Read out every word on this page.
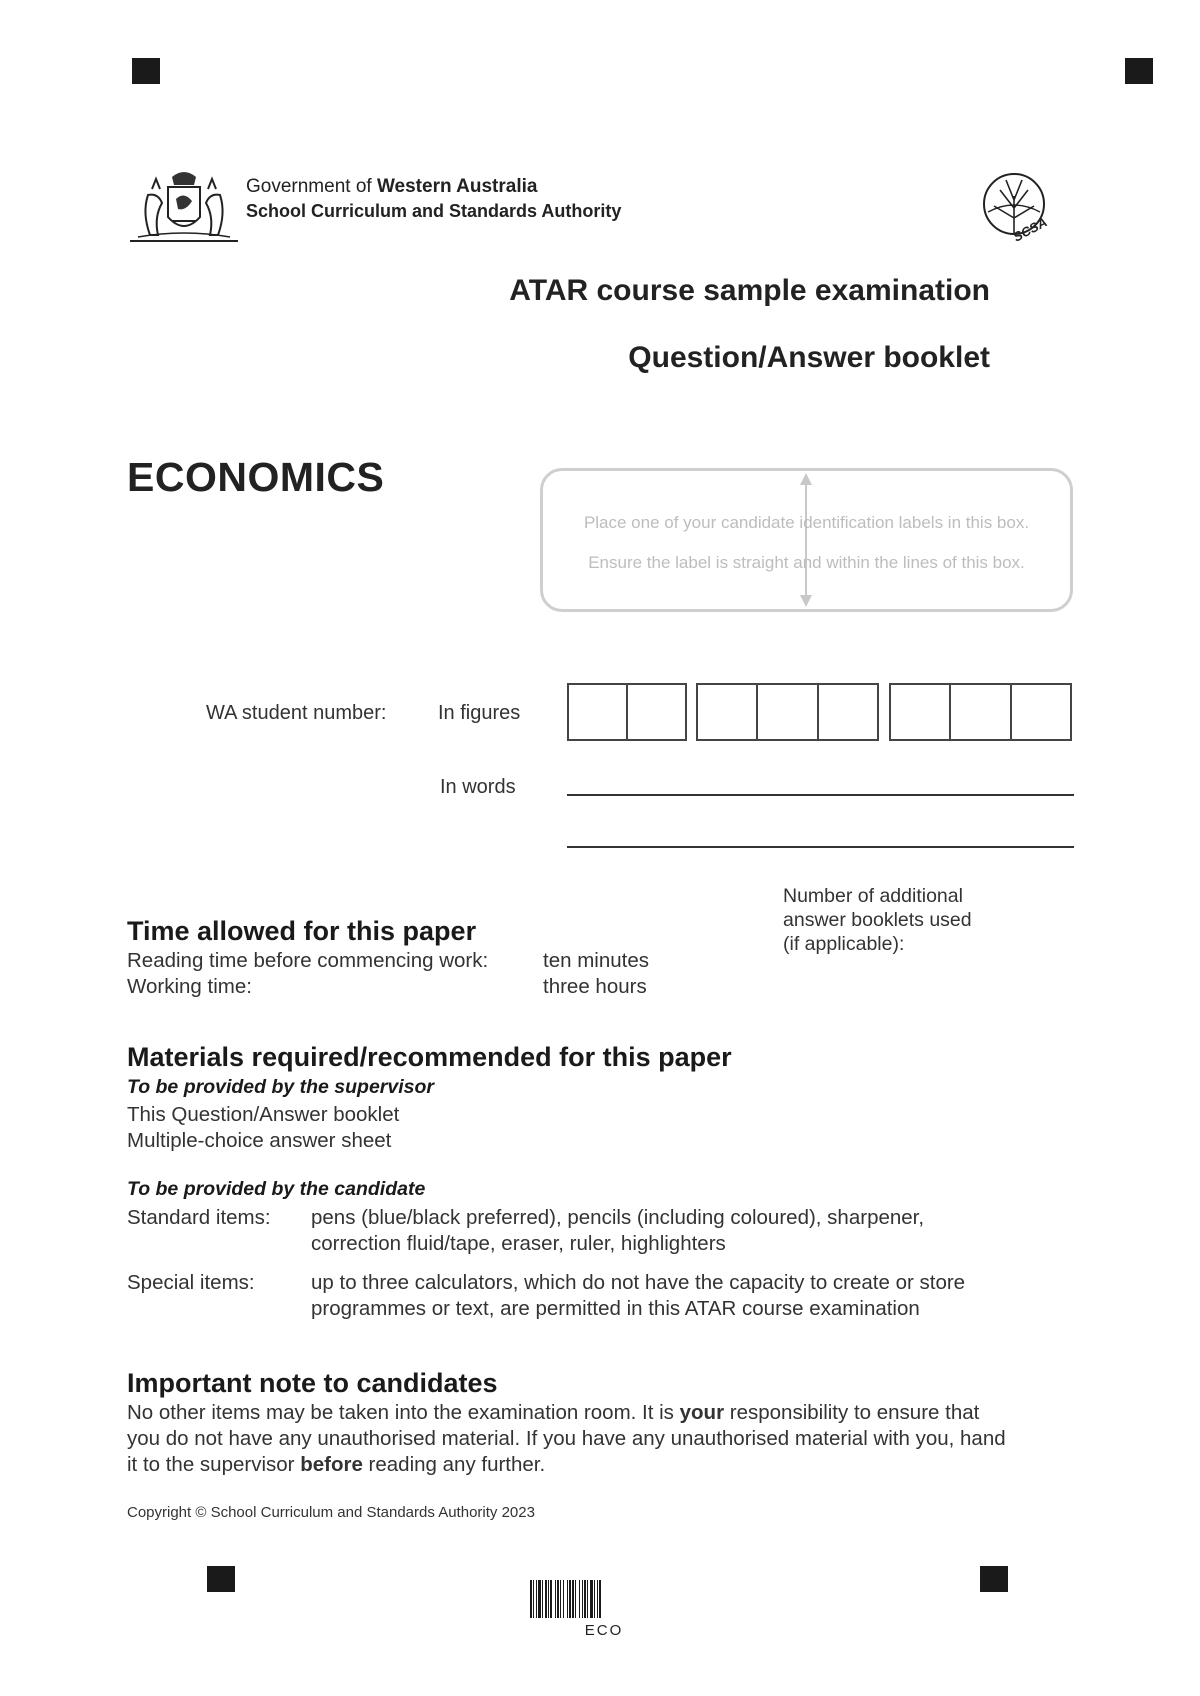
Government of Western Australia
School Curriculum and Standards Authority
SCSA
ATAR course sample examination
Question/Answer booklet
ECONOMICS
Place one of your candidate identification labels in this box.
Ensure the label is straight and within the lines of this box.
WA student number:	In figures
In words
Number of additional
answer booklets used
(if applicable):
Time allowed for this paper
Reading time before commencing work:	ten minutes
Working time:	three hours
Materials required/recommended for this paper
To be provided by the supervisor
This Question/Answer booklet
Multiple-choice answer sheet
To be provided by the candidate
Standard items: pens (blue/black preferred), pencils (including coloured), sharpener,
correction fluid/tape, eraser, ruler, highlighters
Special items:	up to three calculators, which do not have the capacity to create or store
programmes or text, are permitted in this ATAR course examination
Important note to candidates
No other items may be taken into the examination room. It is your responsibility to ensure that
you do not have any unauthorised material. If you have any unauthorised material with you, hand
it to the supervisor before reading any further.
Copyright © School Curriculum and Standards Authority 2023
ECO
